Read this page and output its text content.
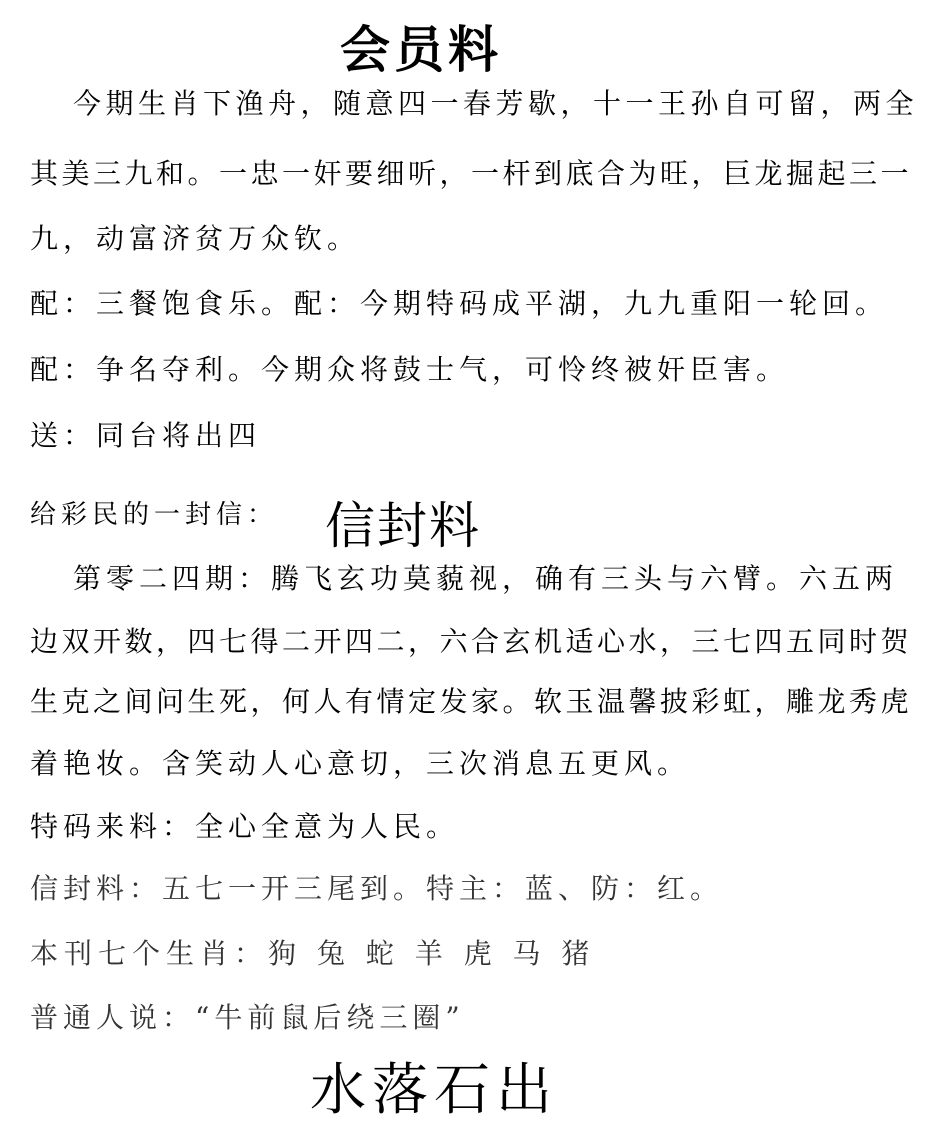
会员料
今期生肖下渔舟，随意四一春芳歇，十一王孙自可留，两全
其美三九和。一忠一奸要细听，一杆到底合为旺，巨龙掘起三一
九，动富济贫万众钦。
配：三餐饱食乐。配：今期特码成平湖，九九重阳一轮回。
配：争名夺利。今期众将鼓士气，可怜终被奸臣害。
送：同台将出四
给彩民的一封信： 信封料
第零二四期：腾飞玄功莫藐视，确有三头与六臂。六五两
边双开数，四七得二开四二，六合玄机适心水，三七四五同时贺
生克之间问生死，何人有情定发家。软玉温馨披彩虹，雕龙秀虎
着艳妆。含笑动人心意切，三次消息五更风。
特码来料：全心全意为人民。
信封料：五七一开三尾到。特主：蓝、防：红。
本刊七个生肖：狗 兔 蛇 羊 虎 马 猪
普通人说：“牛前鼠后绕三圈”
水落石出
